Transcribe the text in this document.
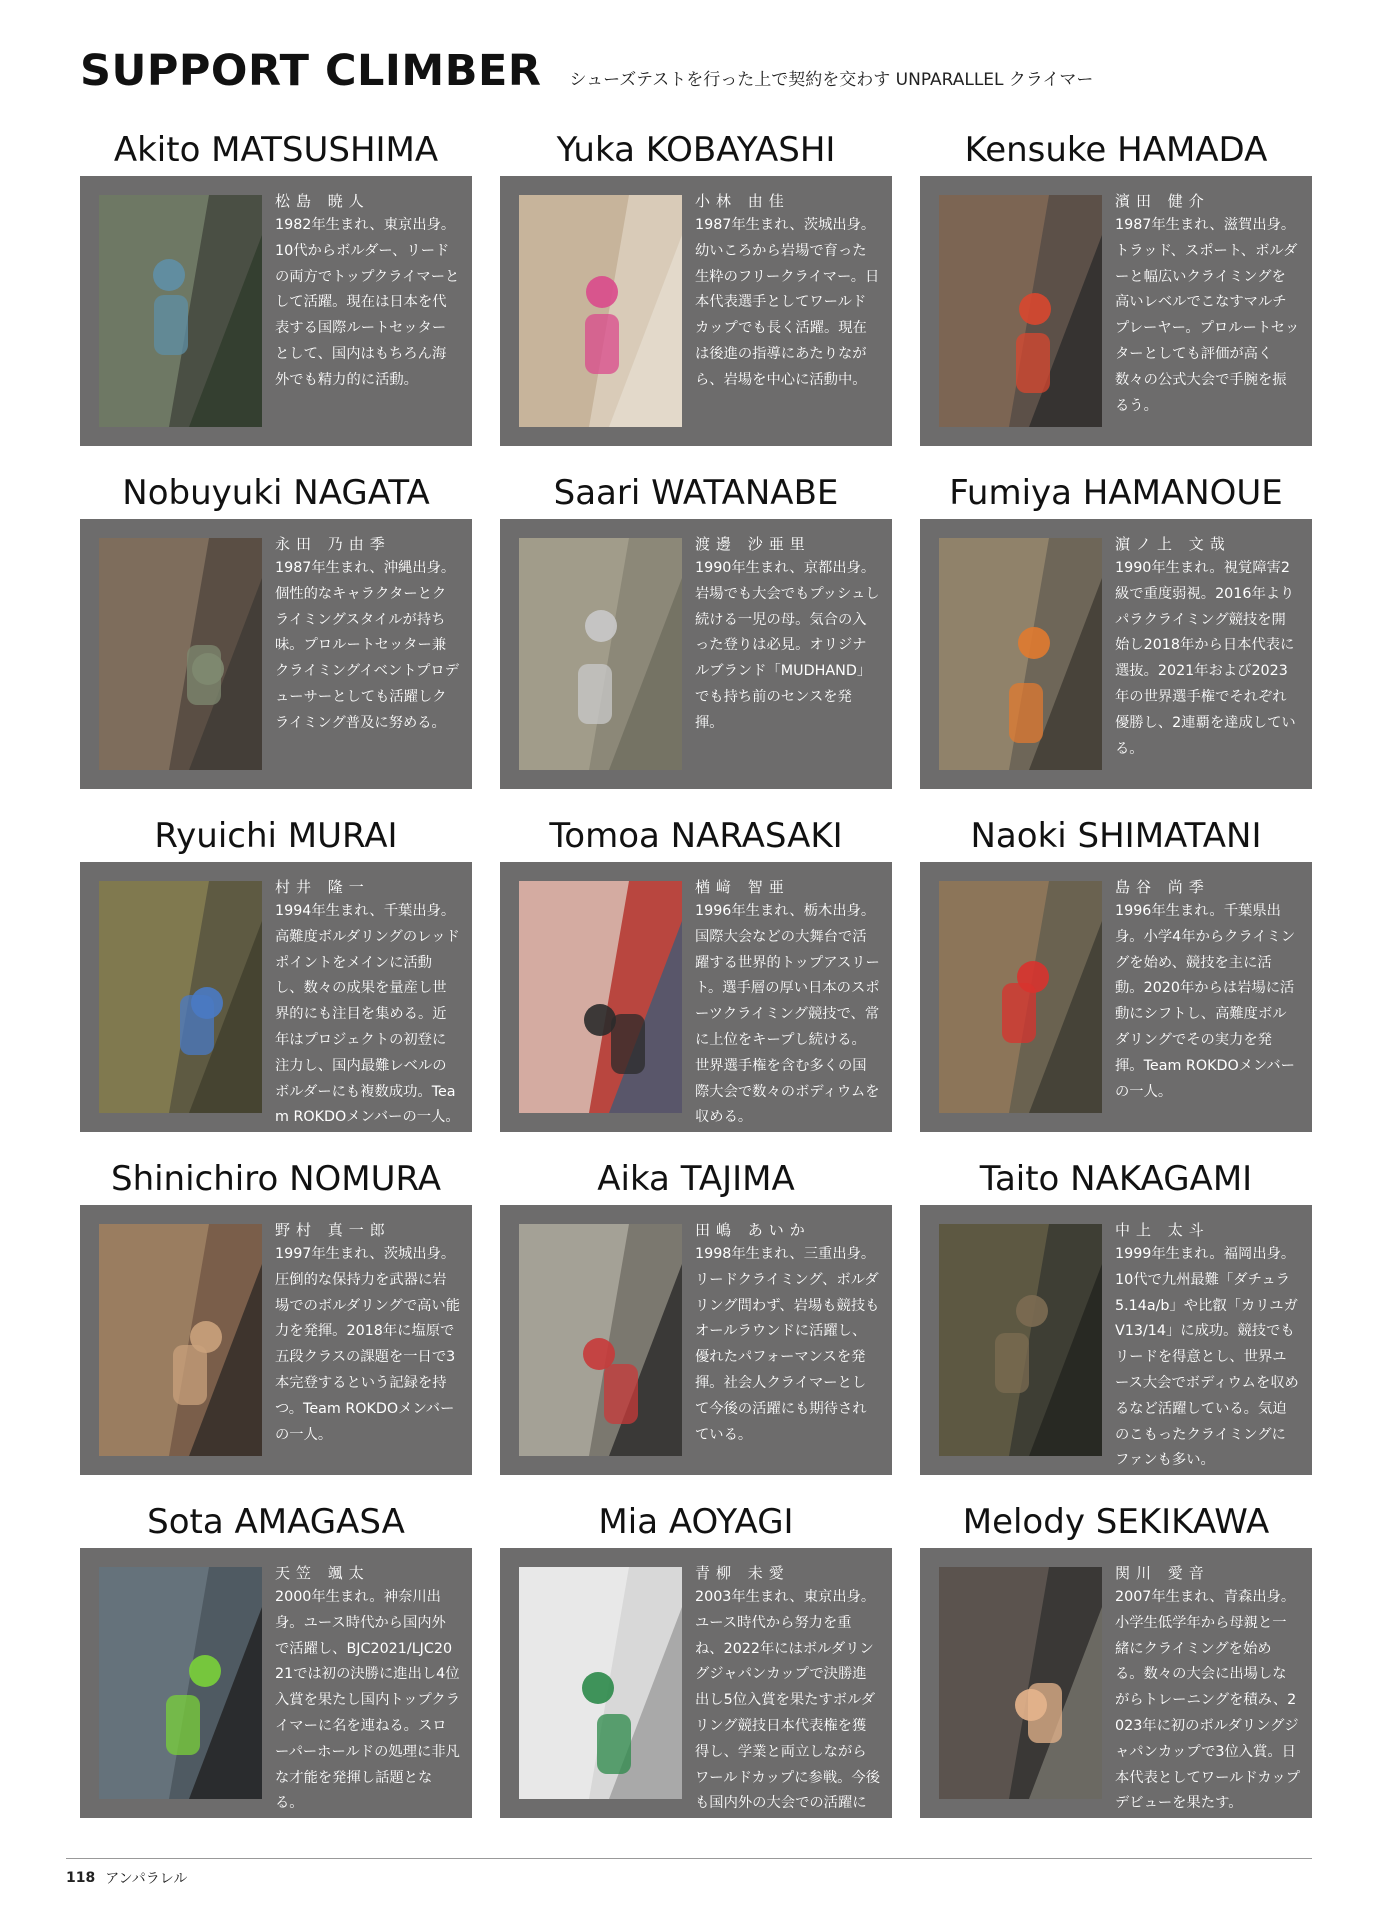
SUPPORT CLIMBER シューズテストを行った上で契約を交わす UNPARALLEL クライマー
Akito MATSUSHIMA
松島 暁人
1982年生まれ、東京出身。10代からボルダー、リードの両方でトップクライマーとして活躍。現在は日本を代表する国際ルートセッターとして、国内はもちろん海外でも精力的に活動。
Yuka KOBAYASHI
小林 由佳
1987年生まれ、茨城出身。幼いころから岩場で育った生粋のフリークライマー。日本代表選手としてワールドカップでも長く活躍。現在は後進の指導にあたりながら、岩場を中心に活動中。
Kensuke HAMADA
濱田 健介
1987年生まれ、滋賀出身。トラッド、スポート、ボルダーと幅広いクライミングを高いレベルでこなすマルチプレーヤー。プロルートセッターとしても評価が高く数々の公式大会で手腕を振るう。
Nobuyuki NAGATA
永田 乃由季
1987年生まれ、沖縄出身。個性的なキャラクターとクライミングスタイルが持ち味。プロルートセッター兼クライミングイベントプロデューサーとしても活躍しクライミング普及に努める。
Saari WATANABE
渡邊 沙亜里
1990年生まれ、京都出身。岩場でも大会でもプッシュし続ける一児の母。気合の入った登りは必見。オリジナルブランド「MUDHAND」でも持ち前のセンスを発揮。
Fumiya HAMANOUE
濵ノ上 文哉
1990年生まれ。視覚障害2級で重度弱視。2016年よりパラクライミング競技を開始し2018年から日本代表に選抜。2021年および2023年の世界選手権でそれぞれ優勝し、2連覇を達成している。
Ryuichi MURAI
村井 隆一
1994年生まれ、千葉出身。高難度ボルダリングのレッドポイントをメインに活動し、数々の成果を量産し世界的にも注目を集める。近年はプロジェクトの初登に注力し、国内最難レベルのボルダーにも複数成功。Team ROKDOメンバーの一人。
Tomoa NARASAKI
楢﨑 智亜
1996年生まれ、栃木出身。国際大会などの大舞台で活躍する世界的トップアスリート。選手層の厚い日本のスポーツクライミング競技で、常に上位をキープし続ける。世界選手権を含む多くの国際大会で数々のボディウムを収める。
Naoki SHIMATANI
島谷 尚季
1996年生まれ。千葉県出身。小学4年からクライミングを始め、競技を主に活動。2020年からは岩場に活動にシフトし、高難度ボルダリングでその実力を発揮。Team ROKDOメンバーの一人。
Shinichiro NOMURA
野村 真一郎
1997年生まれ、茨城出身。圧倒的な保持力を武器に岩場でのボルダリングで高い能力を発揮。2018年に塩原で五段クラスの課題を一日で3本完登するという記録を持つ。Team ROKDOメンバーの一人。
Aika TAJIMA
田嶋 あいか
1998年生まれ、三重出身。リードクライミング、ボルダリング問わず、岩場も競技もオールラウンドに活躍し、優れたパフォーマンスを発揮。社会人クライマーとして今後の活躍にも期待されている。
Taito NAKAGAMI
中上 太斗
1999年生まれ。福岡出身。10代で九州最難「ダチュラ5.14a/b」や比叡「カリユガV13/14」に成功。競技でもリードを得意とし、世界ユース大会でボディウムを収めるなど活躍している。気迫のこもったクライミングにファンも多い。
Sota AMAGASA
天笠 颯太
2000年生まれ。神奈川出身。ユース時代から国内外で活躍し、BJC2021/LJC2021では初の決勝に進出し4位入賞を果たし国内トップクライマーに名を連ねる。スローパーホールドの処理に非凡な才能を発揮し話題となる。
Mia AOYAGI
青柳 未愛
2003年生まれ、東京出身。ユース時代から努力を重ね、2022年にはボルダリングジャパンカップで決勝進出し5位入賞を果たすボルダリング競技日本代表権を獲得し、学業と両立しながらワールドカップに参戦。今後も国内外の大会での活躍に期待が集まる。
Melody SEKIKAWA
関川 愛音
2007年生まれ、青森出身。小学生低学年から母親と一緒にクライミングを始める。数々の大会に出場しながらトレーニングを積み、2023年に初のボルダリングジャパンカップで3位入賞。日本代表としてワールドカップデビューを果たす。
118 アンパラレル
